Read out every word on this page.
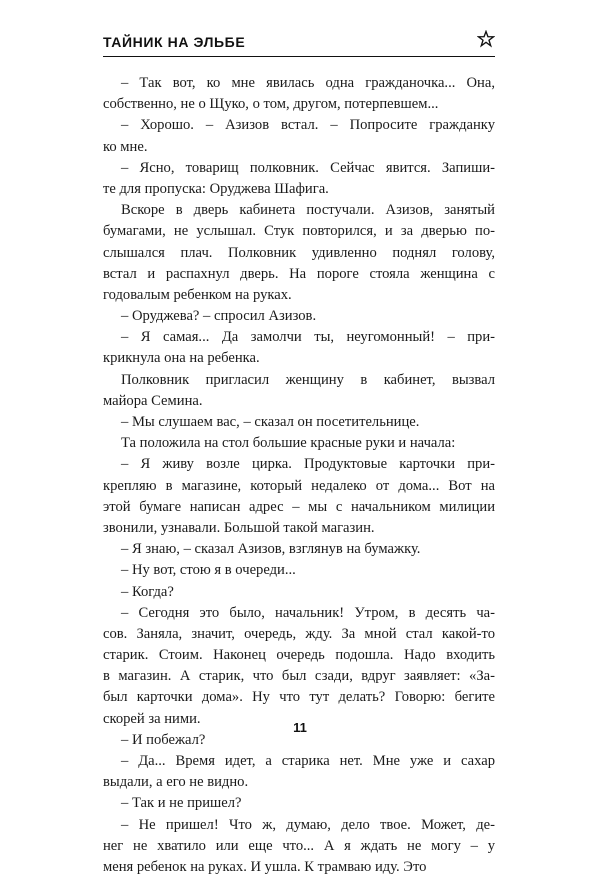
ТАЙНИК НА ЭЛЬБЕ
– Так вот, ко мне явилась одна гражданочка... Она,
собственно, не о Щуко, о том, другом, потерпевшем...
– Хорошо. – Азизов встал. – Попросите гражданку
ко мне.
– Ясно, товарищ полковник. Сейчас явится. Запиши-
те для пропуска: Оруджева Шафига.
Вскоре в дверь кабинета постучали. Азизов, занятый
бумагами, не услышал. Стук повторился, и за дверью по-
слышался плач. Полковник удивленно поднял голову,
встал и распахнул дверь. На пороге стояла женщина с
годовалым ребенком на руках.
– Оруджева? – спросил Азизов.
– Я самая... Да замолчи ты, неугомонный! – при-
крикнула она на ребенка.
Полковник пригласил женщину в кабинет, вызвал
майора Семина.
– Мы слушаем вас, – сказал он посетительнице.
Та положила на стол большие красные руки и начала:
– Я живу возле цирка. Продуктовые карточки при-
крепляю в магазине, который недалеко от дома... Вот на
этой бумаге написан адрес – мы с начальником милиции
звонили, узнавали. Большой такой магазин.
– Я знаю, – сказал Азизов, взглянув на бумажку.
– Ну вот, стою я в очереди...
– Когда?
– Сегодня это было, начальник! Утром, в десять ча-
сов. Заняла, значит, очередь, жду. За мной стал какой-то
старик. Стоим. Наконец очередь подошла. Надо входить
в магазин. А старик, что был сзади, вдруг заявляет: «За-
был карточки дома». Ну что тут делать? Говорю: бегите
скорей за ними.
– И побежал?
– Да... Время идет, а старика нет. Мне уже и сахар
выдали, а его не видно.
– Так и не пришел?
– Не пришел! Что ж, думаю, дело твое. Может, де-
нег не хватило или еще что... А я ждать не могу – у
меня ребенок на руках. И ушла. К трамваю иду. Это
11
